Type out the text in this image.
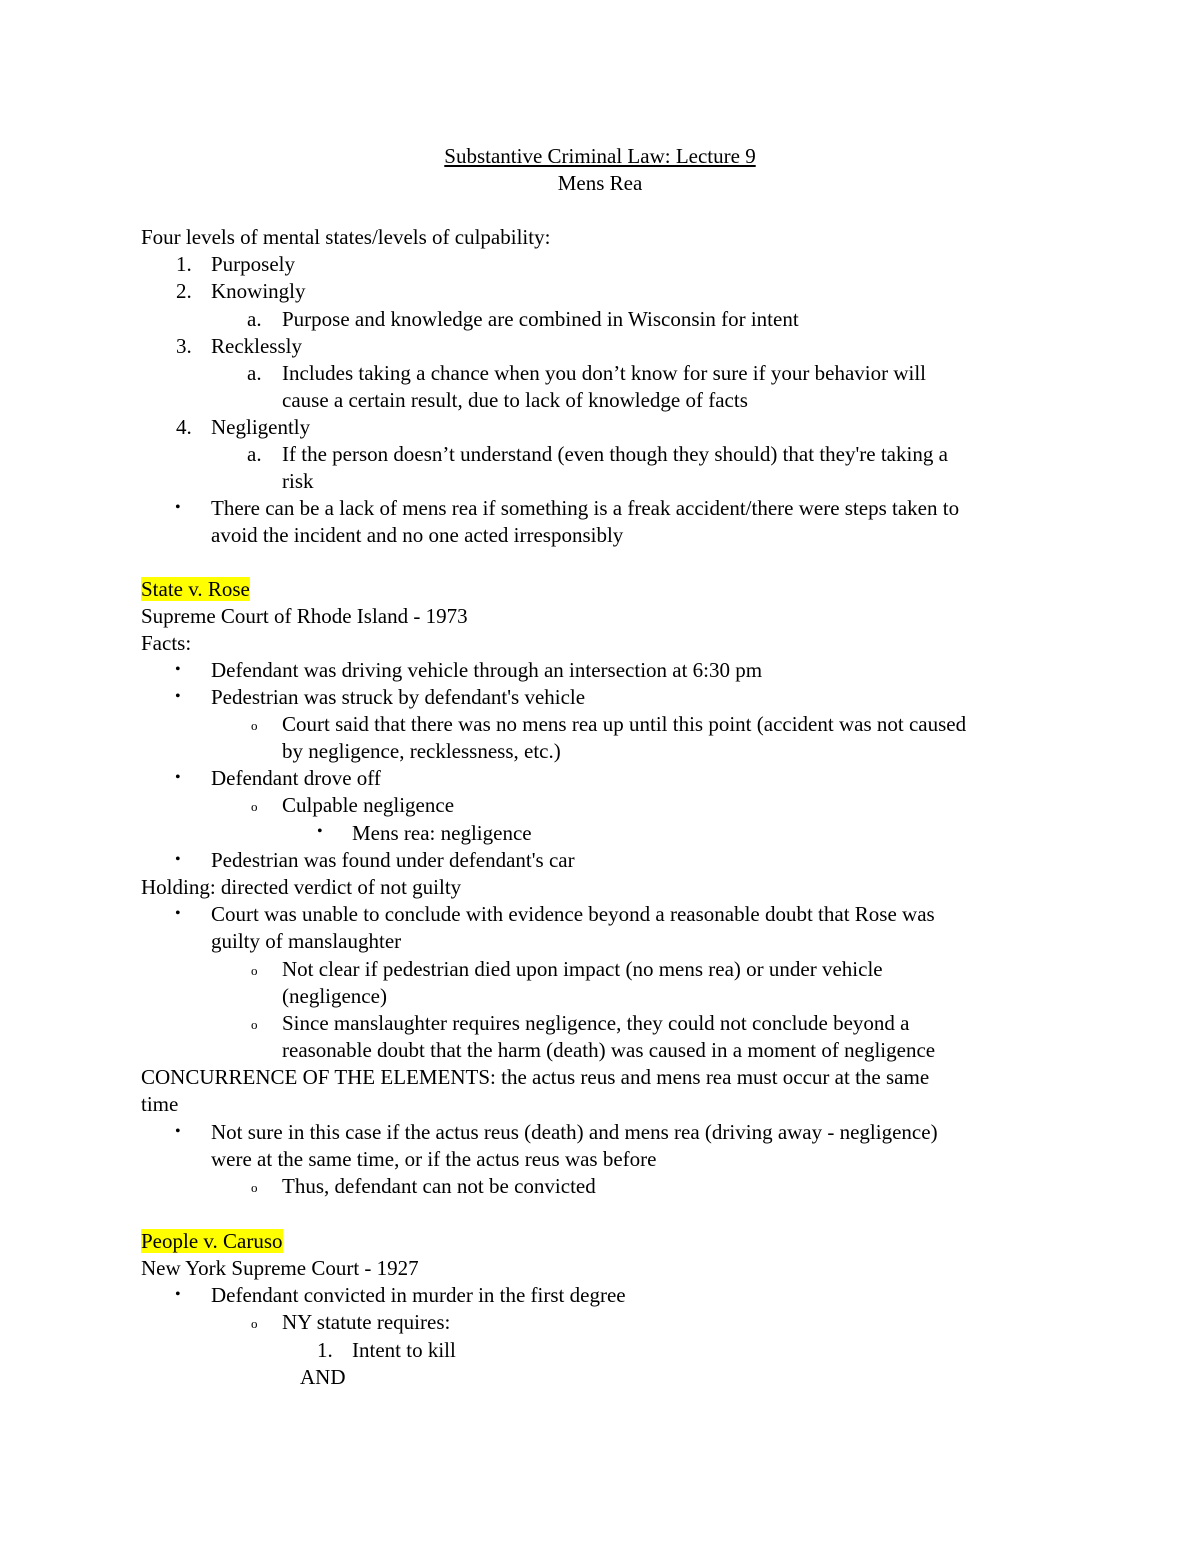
Substantive Criminal Law: Lecture 9
Mens Rea
Four levels of mental states/levels of culpability:
1. Purposely
2. Knowingly
a. Purpose and knowledge are combined in Wisconsin for intent
3. Recklessly
a. Includes taking a chance when you don’t know for sure if your behavior will
cause a certain result, due to lack of knowledge of facts
4. Negligently
a. If the person doesn’t understand (even though they should) that they're taking a
risk
• There can be a lack of mens rea if something is a freak accident/there were steps taken to
avoid the incident and no one acted irresponsibly
State v. Rose
Supreme Court of Rhode Island - 1973
Facts:
• Defendant was driving vehicle through an intersection at 6:30 pm
• Pedestrian was struck by defendant's vehicle
o Court said that there was no mens rea up until this point (accident was not caused
by negligence, recklessness, etc.)
• Defendant drove off
o Culpable negligence
• Mens rea: negligence
• Pedestrian was found under defendant's car
Holding: directed verdict of not guilty
• Court was unable to conclude with evidence beyond a reasonable doubt that Rose was
guilty of manslaughter
o Not clear if pedestrian died upon impact (no mens rea) or under vehicle
(negligence)
o Since manslaughter requires negligence, they could not conclude beyond a
reasonable doubt that the harm (death) was caused in a moment of negligence
CONCURRENCE OF THE ELEMENTS: the actus reus and mens rea must occur at the same
time
• Not sure in this case if the actus reus (death) and mens rea (driving away - negligence)
were at the same time, or if the actus reus was before
o Thus, defendant can not be convicted
People v. Caruso
New York Supreme Court - 1927
• Defendant convicted in murder in the first degree
o NY statute requires:
1. Intent to kill
AND
